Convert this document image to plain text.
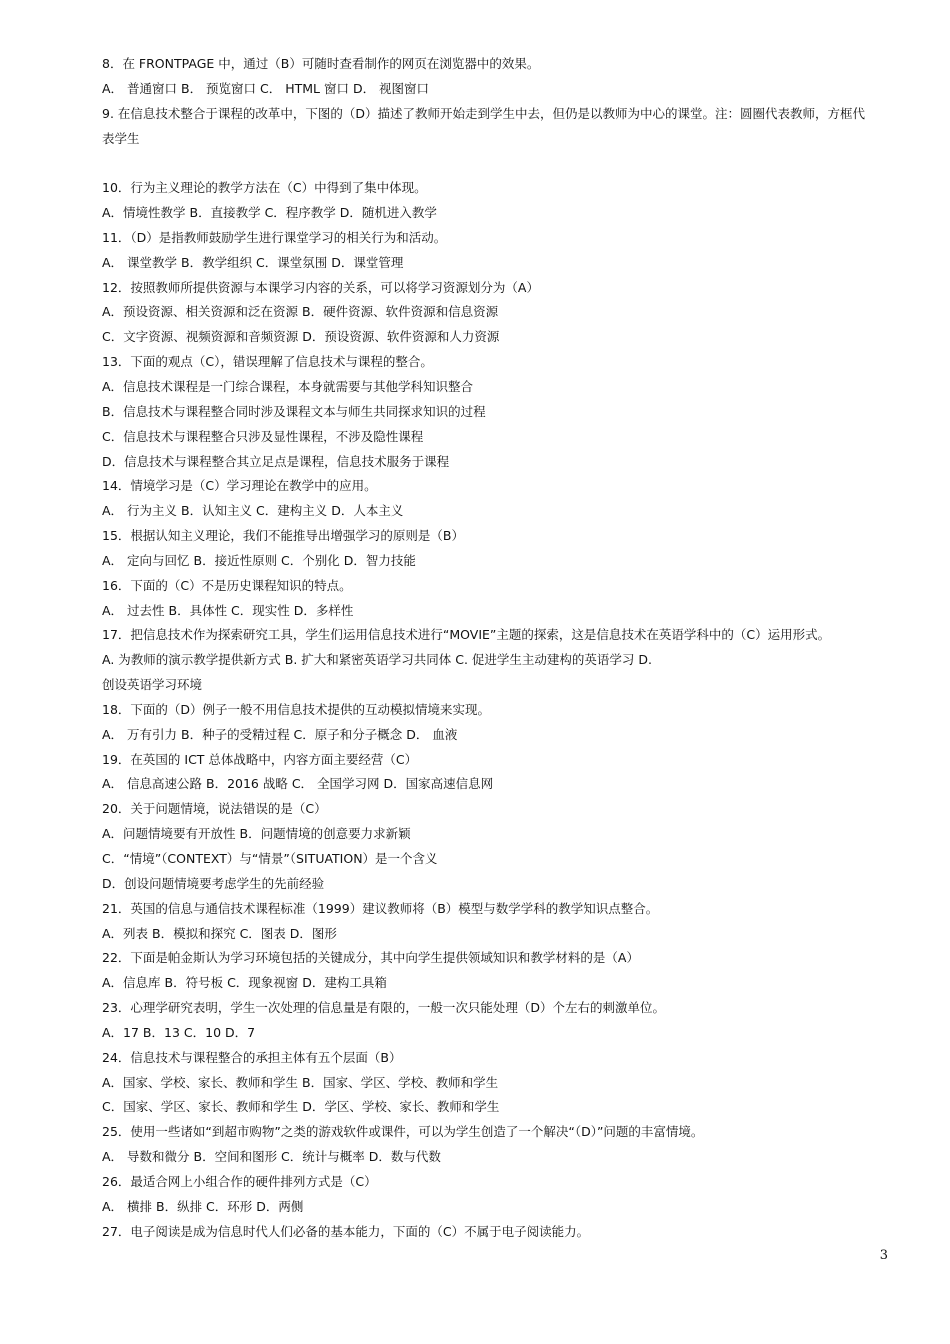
8．在 FRONTPAGE 中，通过（B）可随时查看制作的网页在浏览器中的效果。
A． 普通窗口 B． 预览窗口 C． HTML 窗口 D． 视图窗口
9. 在信息技术整合于课程的改革中，下图的（D）描述了教师开始走到学生中去，但仍是以教师为中心的课堂。注：圆圈代表教师，方框代
表学生
10．行为主义理论的教学方法在（C）中得到了集中体现。
A．情境性教学 B．直接教学 C．程序教学 D．随机进入教学
11．（D）是指教师鼓励学生进行课堂学习的相关行为和活动。
A． 课堂教学 B．教学组织 C．课堂氛围 D．课堂管理
12．按照教师所提供资源与本课学习内容的关系，可以将学习资源划分为（A）
A．预设资源、相关资源和泛在资源 B．硬件资源、软件资源和信息资源
C．文字资源、视频资源和音频资源 D．预设资源、软件资源和人力资源
13．下面的观点（C），错误理解了信息技术与课程的整合。
A．信息技术课程是一门综合课程，本身就需要与其他学科知识整合
B．信息技术与课程整合同时涉及课程文本与师生共同探求知识的过程
C．信息技术与课程整合只涉及显性课程，不涉及隐性课程
D．信息技术与课程整合其立足点是课程，信息技术服务于课程
14．情境学习是（C）学习理论在教学中的应用。
A． 行为主义 B．认知主义 C．建构主义 D．人本主义
15．根据认知主义理论，我们不能推导出增强学习的原则是（B）
A． 定向与回忆 B．接近性原则 C．个别化 D．智力技能
16．下面的（C）不是历史课程知识的特点。
A． 过去性 B．具体性 C．现实性 D．多样性
17．把信息技术作为探索研究工具，学生们运用信息技术进行“MOVIE”主题的探索，这是信息技术在英语学科中的（C）运用形式。
A. 为教师的演示教学提供新方式 B. 扩大和紧密英语学习共同体 C. 促进学生主动建构的英语学习 D.
创设英语学习环境
18．下面的（D）例子一般不用信息技术提供的互动模拟情境来实现。
A． 万有引力 B．种子的受精过程 C．原子和分子概念 D． 血液
19．在英国的 ICT 总体战略中，内容方面主要经营（C）
A． 信息高速公路 B．2016 战略 C． 全国学习网 D．国家高速信息网
20．关于问题情境，说法错误的是（C）
A．问题情境要有开放性 B．问题情境的创意要力求新颖
C．“情境”（CONTEXT）与“情景”（SITUATION）是一个含义
D．创设问题情境要考虑学生的先前经验
21．英国的信息与通信技术课程标准（1999）建议教师将（B）模型与数学学科的教学知识点整合。
A．列表 B．模拟和探究 C．图表 D．图形
22．下面是帕金斯认为学习环境包括的关键成分，其中向学生提供领域知识和教学材料的是（A）
A．信息库 B．符号板 C．现象视窗 D．建构工具箱
23．心理学研究表明，学生一次处理的信息量是有限的，一般一次只能处理（D）个左右的刺激单位。
A．17 B．13 C．10 D．7
24．信息技术与课程整合的承担主体有五个层面（B）
A．国家、学校、家长、教师和学生 B．国家、学区、学校、教师和学生
C．国家、学区、家长、教师和学生 D．学区、学校、家长、教师和学生
25．使用一些诸如“到超市购物”之类的游戏软件或课件，可以为学生创造了一个解决“（D）”问题的丰富情境。
A． 导数和微分 B．空间和图形 C．统计与概率 D．数与代数
26．最适合网上小组合作的硬件排列方式是（C）
A． 横排 B．纵排 C．环形 D．两侧
27．电子阅读是成为信息时代人们必备的基本能力，下面的（C）不属于电子阅读能力。
3
